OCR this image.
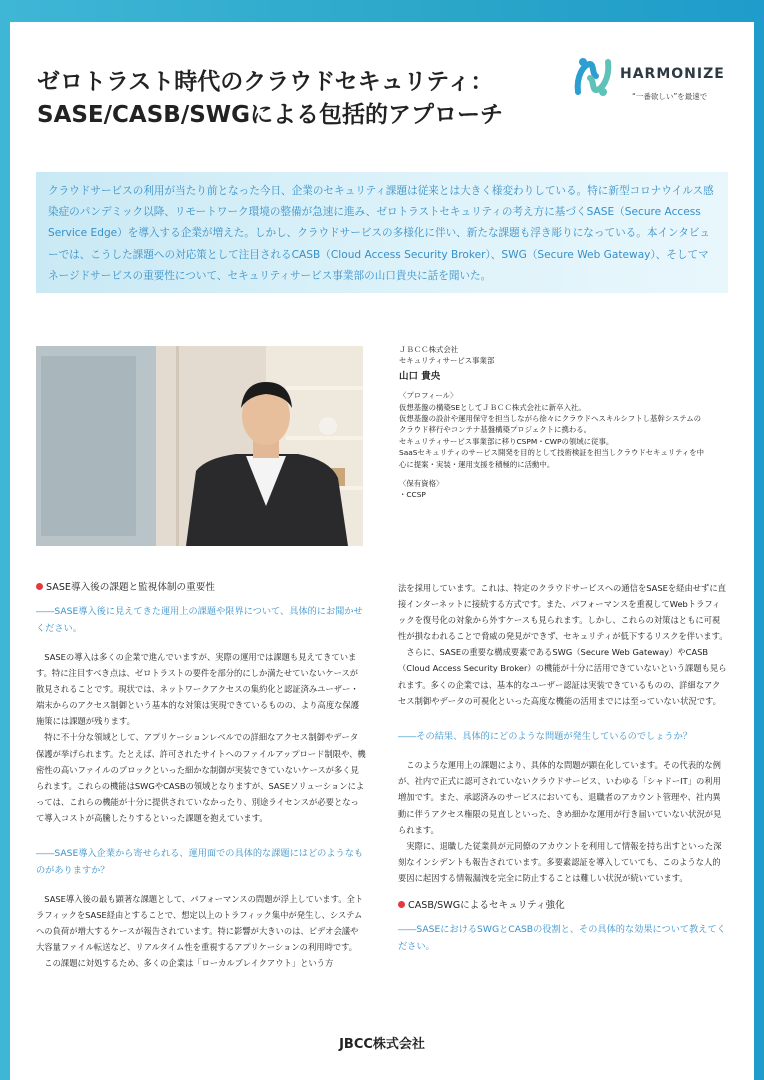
ゼロトラスト時代のクラウドセキュリティ：
SASE/CASB/SWGによる包括的アプローチ
HARMONIZE
“一番欲しい”を最速で

クラウドサービスの利用が当たり前となった今日、企業のセキュリティ課題は従来とは大きく様変わりしている。特に新型コロナウイルス感染症のパンデミック以降、リモートワーク環境の整備が急速に進み、ゼロトラストセキュリティの考え方に基づくSASE（Secure Access Service Edge）を導入する企業が増えた。しかし、クラウドサービスの多様化に伴い、新たな課題も浮き彫りになっている。本インタビューでは、こうした課題への対応策として注目されるCASB（Cloud Access Security Broker）、SWG（Secure Web Gateway）、そしてマネージドサービスの重要性について、セキュリティサービス事業部の山口貴央に話を聞いた。

ＪＢＣＣ株式会社
セキュリティサービス事業部
山口 貴央
〈プロフィール〉
仮想基盤の構築SEとしてＪＢＣＣ株式会社に新卒入社。
仮想基盤の設計や運用保守を担当しながら徐々にクラウドへスキルシフトし基幹システムの
クラウド移行やコンテナ基盤構築プロジェクトに携わる。
セキュリティサービス事業部に移りCSPM・CWPの領域に従事。
SaaSセキュリティのサービス開発を目的として技術検証を担当しクラウドセキュリティを中
心に提案・実装・運用支援を積極的に活動中。
〈保有資格〉
・CCSP
SASE導入後の課題と監視体制の重要性

――SASE導入後に見えてきた運用上の課題や限界について、具体的にお聞かせください。

SASEの導入は多くの企業で進んでいますが、実際の運用では課題も見えてきています。特に注目すべき点は、ゼロトラストの要件を部分的にしか満たせていないケースが散見されることです。現状では、ネットワークアクセスの集約化と認証済みユーザー・端末からのアクセス制御という基本的な対策は実現できているものの、より高度な保護施策には課題が残ります。

特に不十分な領域として、アプリケーションレベルでの詳細なアクセス制御やデータ保護が挙げられます。たとえば、許可されたサイトへのファイルアップロード制限や、機密性の高いファイルのブロックといった細かな制御が実装できていないケースが多く見られます。これらの機能はSWGやCASBの領域となりますが、SASEソリューションによっては、これらの機能が十分に提供されていなかったり、別途ライセンスが必要となって導入コストが高騰したりするといった課題を抱えています。

――SASE導入企業から寄せられる、運用面での具体的な課題にはどのようなものがありますか？

SASE導入後の最も顕著な課題として、パフォーマンスの問題が浮上しています。全トラフィックをSASE経由とすることで、想定以上のトラフィック集中が発生し、システムへの負荷が増大するケースが報告されています。特に影響が大きいのは、ビデオ会議や大容量ファイル転送など、リアルタイム性を重視するアプリケーションの利用時です。

この課題に対処するため、多くの企業は「ローカルブレイクアウト」という方

法を採用しています。これは、特定のクラウドサービスへの通信をSASEを経由せずに直接インターネットに接続する方式です。また、パフォーマンスを重視してWebトラフィックを復号化の対象から外すケースも見られます。しかし、これらの対策はともに可視性が損なわれることで脅威の発見ができず、セキュリティが低下するリスクを伴います。

さらに、SASEの重要な構成要素であるSWG（Secure Web Gateway）やCASB（Cloud Access Security Broker）の機能が十分に活用できていないという課題も見られます。多くの企業では、基本的なユーザー認証は実装できているものの、詳細なアクセス制御やデータの可視化といった高度な機能の活用までには至っていない状況です。

――その結果、具体的にどのような問題が発生しているのでしょうか？

このような運用上の課題により、具体的な問題が顕在化しています。その代表的な例が、社内で正式に認可されていないクラウドサービス、いわゆる「シャドーIT」の利用増加です。また、承認済みのサービスにおいても、退職者のアカウント管理や、社内異動に伴うアクセス権限の見直しといった、きめ細かな運用が行き届いていない状況が見られます。

実際に、退職した従業員が元同僚のアカウントを利用して情報を持ち出すといった深刻なインシデントも報告されています。多要素認証を導入していても、このような人的要因に起因する情報漏洩を完全に防止することは難しい状況が続いています。

CASB/SWGによるセキュリティ強化

――SASEにおけるSWGとCASBの役割と、その具体的な効果について教えてください。

JBCC株式会社
